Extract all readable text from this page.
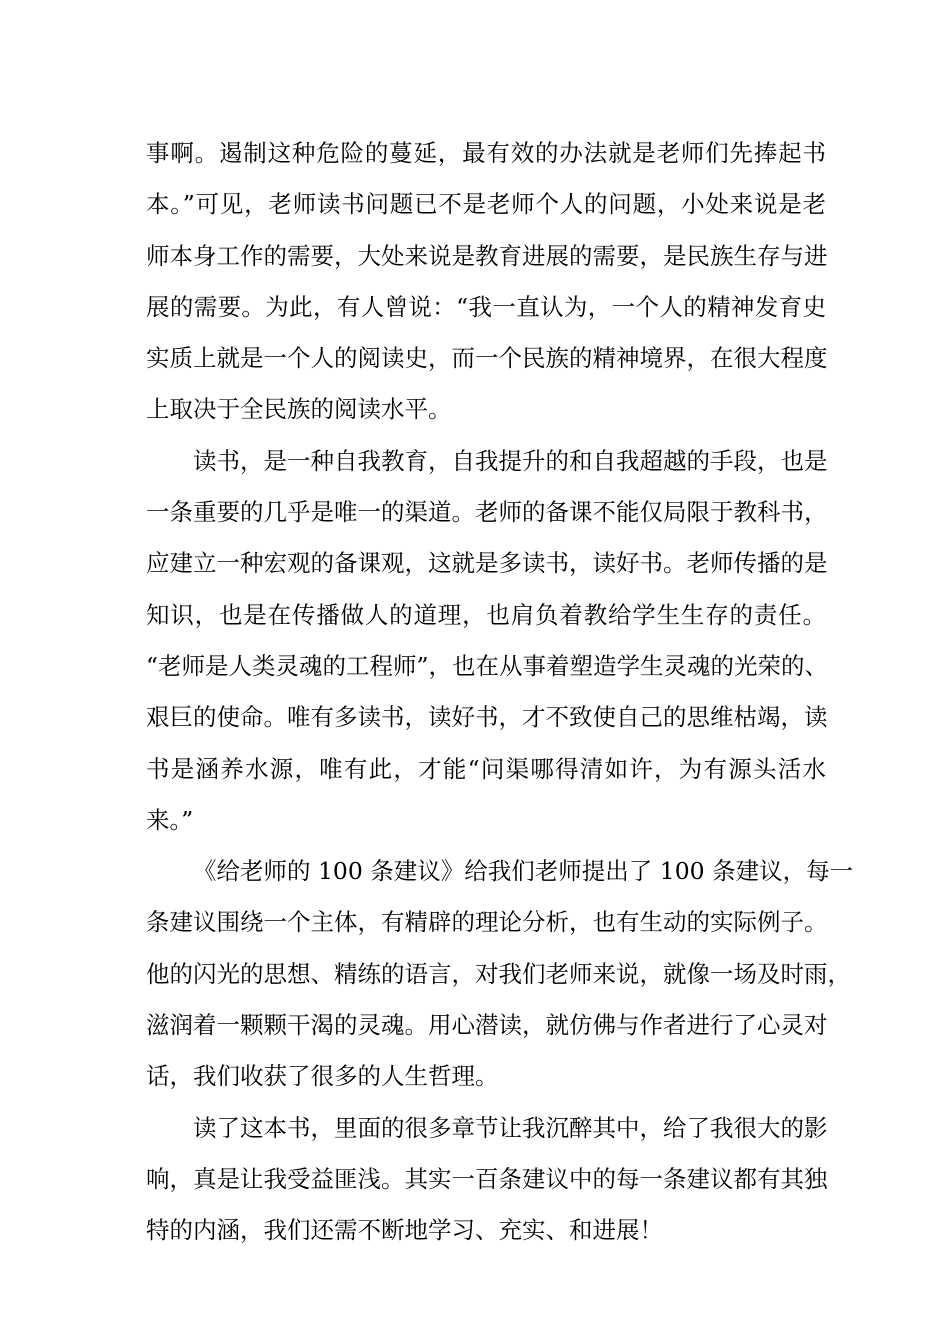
事啊。遏制这种危险的蔓延，最有效的办法就是老师们先捧起书
本。”可见，老师读书问题已不是老师个人的问题，小处来说是老
师本身工作的需要，大处来说是教育进展的需要，是民族生存与进
展的需要。为此，有人曾说：“我一直认为，一个人的精神发育史
实质上就是一个人的阅读史，而一个民族的精神境界，在很大程度
上取决于全民族的阅读水平。
读书，是一种自我教育，自我提升的和自我超越的手段，也是
一条重要的几乎是唯一的渠道。老师的备课不能仅局限于教科书，
应建立一种宏观的备课观，这就是多读书，读好书。老师传播的是
知识，也是在传播做人的道理，也肩负着教给学生生存的责任。
“老师是人类灵魂的工程师”，也在从事着塑造学生灵魂的光荣的、
艰巨的使命。唯有多读书，读好书，才不致使自己的思维枯竭，读
书是涵养水源，唯有此，才能“问渠哪得清如许，为有源头活水
来。”
《给老师的 100 条建议》给我们老师提出了 100 条建议，每一
条建议围绕一个主体，有精辟的理论分析，也有生动的实际例子。
他的闪光的思想、精练的语言，对我们老师来说，就像一场及时雨，
滋润着一颗颗干渴的灵魂。用心潜读，就仿佛与作者进行了心灵对
话，我们收获了很多的人生哲理。
读了这本书，里面的很多章节让我沉醉其中，给了我很大的影
响，真是让我受益匪浅。其实一百条建议中的每一条建议都有其独
特的内涵，我们还需不断地学习、充实、和进展！
